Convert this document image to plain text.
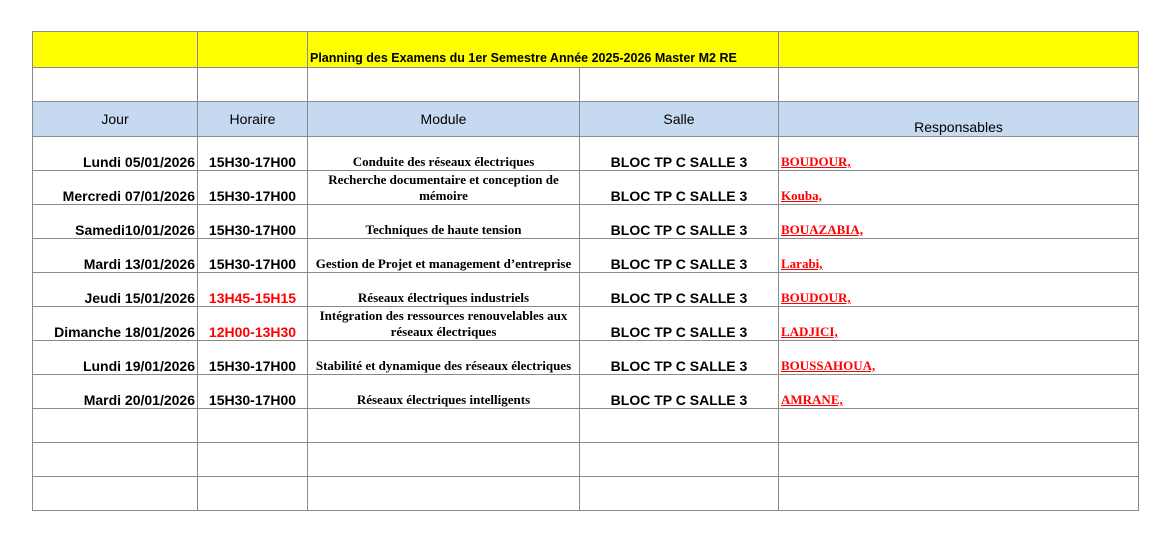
		Planning des Examens du 1er Semestre Année 2025-2026 Master M2 RE		

Jour	Horaire	Module	Salle	Responsables
Lundi 05/01/2026	15H30-17H00	Conduite des réseaux électriques	BLOC TP C SALLE 3	BOUDOUR,
Mercredi 07/01/2026	15H30-17H00	Recherche documentaire et conception de mémoire	BLOC TP C SALLE 3	Kouba,
Samedi10/01/2026	15H30-17H00	Techniques de haute tension	BLOC TP C SALLE 3	BOUAZABIA,
Mardi 13/01/2026	15H30-17H00	Gestion de Projet et management d’entreprise	BLOC TP C SALLE 3	Larabi,
Jeudi 15/01/2026	13H45-15H15	Réseaux électriques industriels	BLOC TP C SALLE 3	BOUDOUR,
Dimanche 18/01/2026	12H00-13H30	Intégration des ressources renouvelables aux réseaux électriques	BLOC TP C SALLE 3	LADJICI,
Lundi 19/01/2026	15H30-17H00	Stabilité et dynamique des réseaux électriques	BLOC TP C SALLE 3	BOUSSAHOUA,
Mardi 20/01/2026	15H30-17H00	Réseaux électriques intelligents	BLOC TP C SALLE 3	AMRANE,
